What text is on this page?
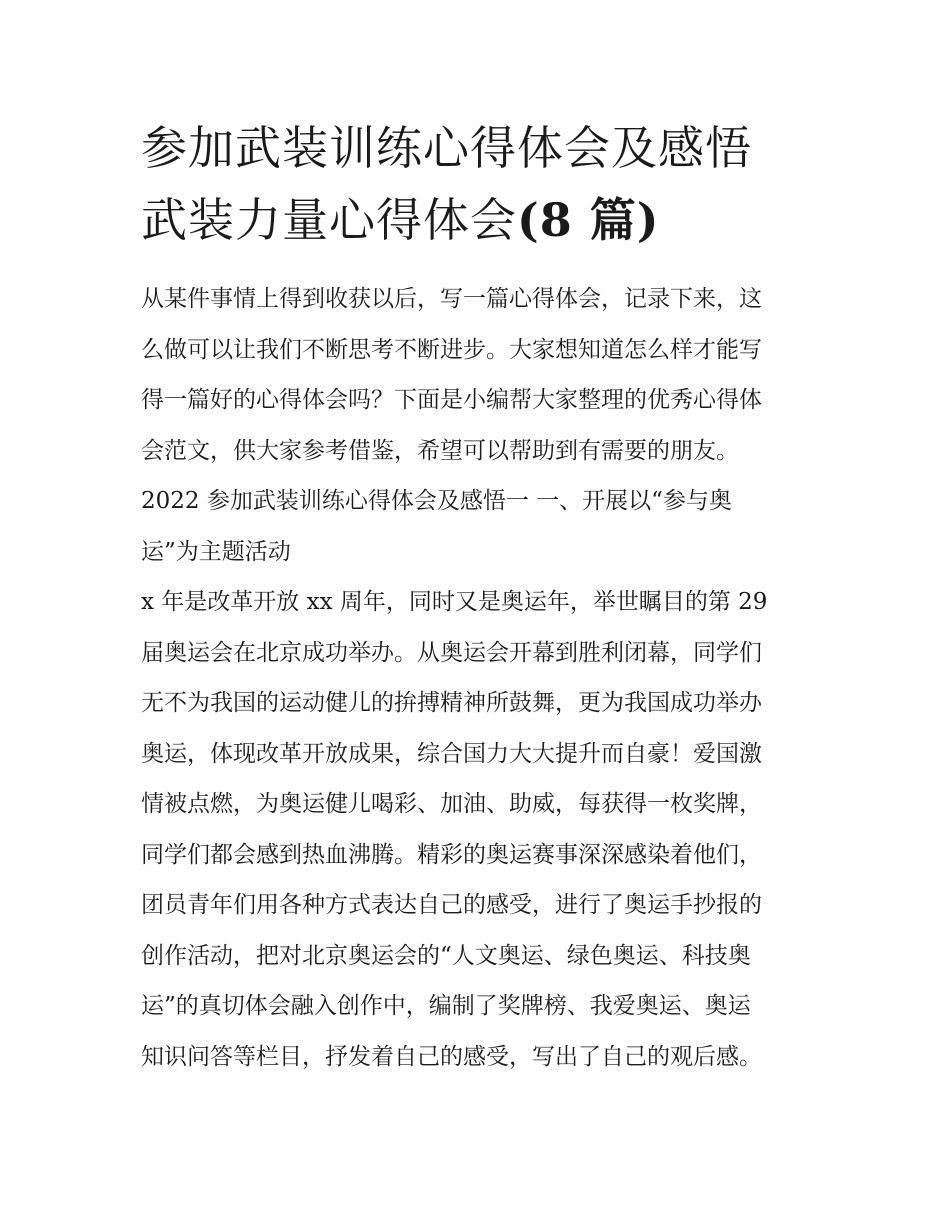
参加武装训练心得体会及感悟
武装力量心得体会(8 篇)

从某件事情上得到收获以后，写一篇心得体会，记录下来，这

么做可以让我们不断思考不断进步。大家想知道怎么样才能写

得一篇好的心得体会吗？下面是小编帮大家整理的优秀心得体

会范文，供大家参考借鉴，希望可以帮助到有需要的朋友。

2022 参加武装训练心得体会及感悟一 一、开展以“参与奥

运”为主题活动

x 年是改革开放 xx 周年，同时又是奥运年，举世瞩目的第 29

届奥运会在北京成功举办。从奥运会开幕到胜利闭幕，同学们

无不为我国的运动健儿的拚搏精神所鼓舞，更为我国成功举办

奥运，体现改革开放成果，综合国力大大提升而自豪！爱国激

情被点燃，为奥运健儿喝彩、加油、助威，每获得一枚奖牌，

同学们都会感到热血沸腾。精彩的奥运赛事深深感染着他们，

团员青年们用各种方式表达自己的感受，进行了奥运手抄报的

创作活动，把对北京奥运会的“人文奥运、绿色奥运、科技奥

运”的真切体会融入创作中，编制了奖牌榜、我爱奥运、奥运

知识问答等栏目，抒发着自己的感受，写出了自己的观后感。
